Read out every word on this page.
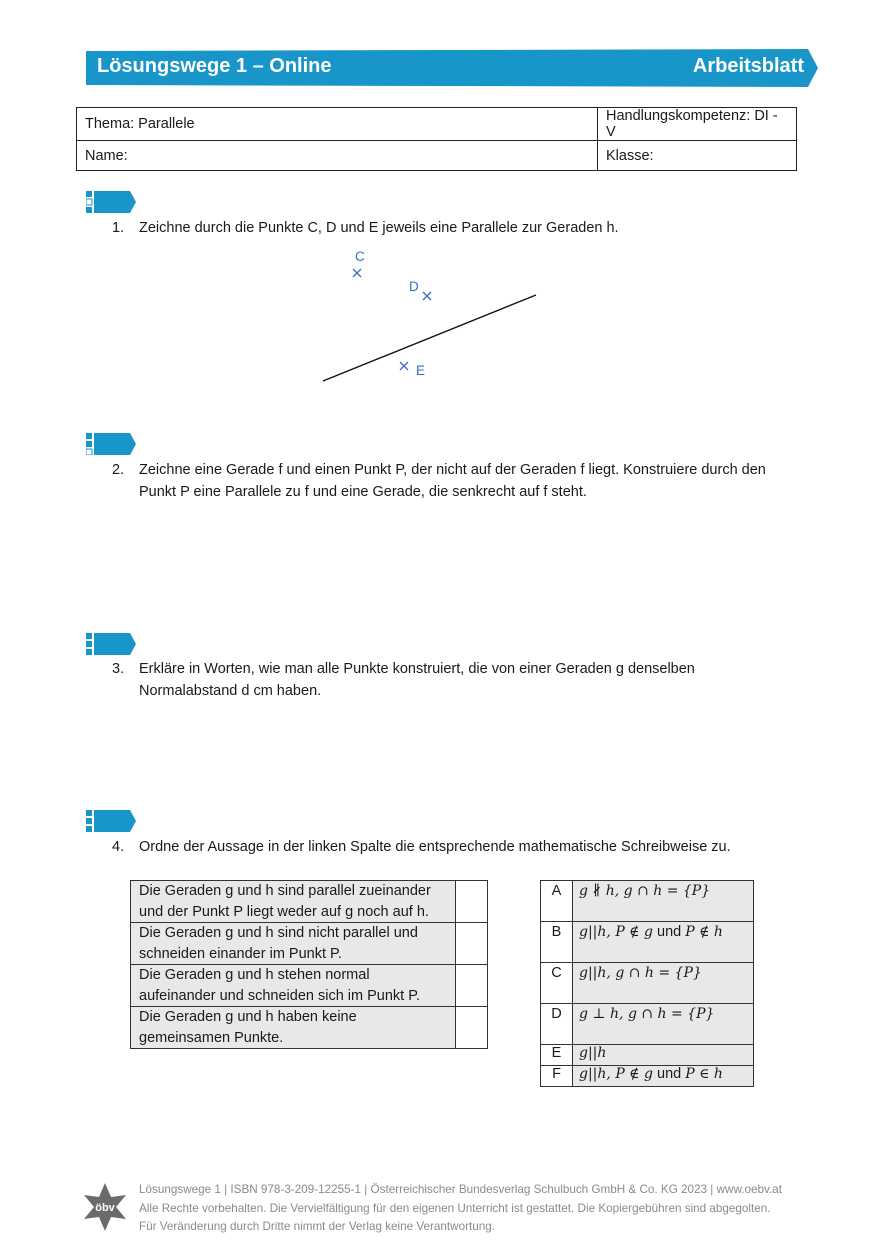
Lösungswege 1 – Online	Arbeitsblatt
Thema: Parallele	Handlungskompetenz: DI - V
Name:	Klasse:
1. Zeichne durch die Punkte C, D und E jeweils eine Parallele zur Geraden h.
C
D
E
2. Zeichne eine Gerade f und einen Punkt P, der nicht auf der Geraden f liegt. Konstruiere durch den
Punkt P eine Parallele zu f und eine Gerade, die senkrecht auf f steht.
3. Erkläre in Worten, wie man alle Punkte konstruiert, die von einer Geraden g denselben
Normalabstand d cm haben.
4. Ordne der Aussage in der linken Spalte die entsprechende mathematische Schreibweise zu.
Die Geraden g und h sind parallel zueinander
und der Punkt P liegt weder auf g noch auf h.	

Die Geraden g und h sind nicht parallel und
schneiden einander im Punkt P.	

Die Geraden g und h stehen normal
aufeinander und schneiden sich im Punkt P.	

Die Geraden g und h haben keine
gemeinsamen Punkte.	

A	g ∦ h, g ∩ h = {P}
B	g||h, P ∉ g und P ∉ h
C	g||h, g ∩ h = {P}
D	g ⊥ h, g ∩ h = {P}
E	g||h
F	g||h, P ∉ g und P ∈ h
öbv
Lösungswege 1 | ISBN 978-3-209-12255-1 | Österreichischer Bundesverlag Schulbuch GmbH & Co. KG 2023 | www.oebv.at
Alle Rechte vorbehalten. Die Vervielfältigung für den eigenen Unterricht ist gestattet. Die Kopiergebühren sind abgegolten.
Für Veränderung durch Dritte nimmt der Verlag keine Verantwortung.
